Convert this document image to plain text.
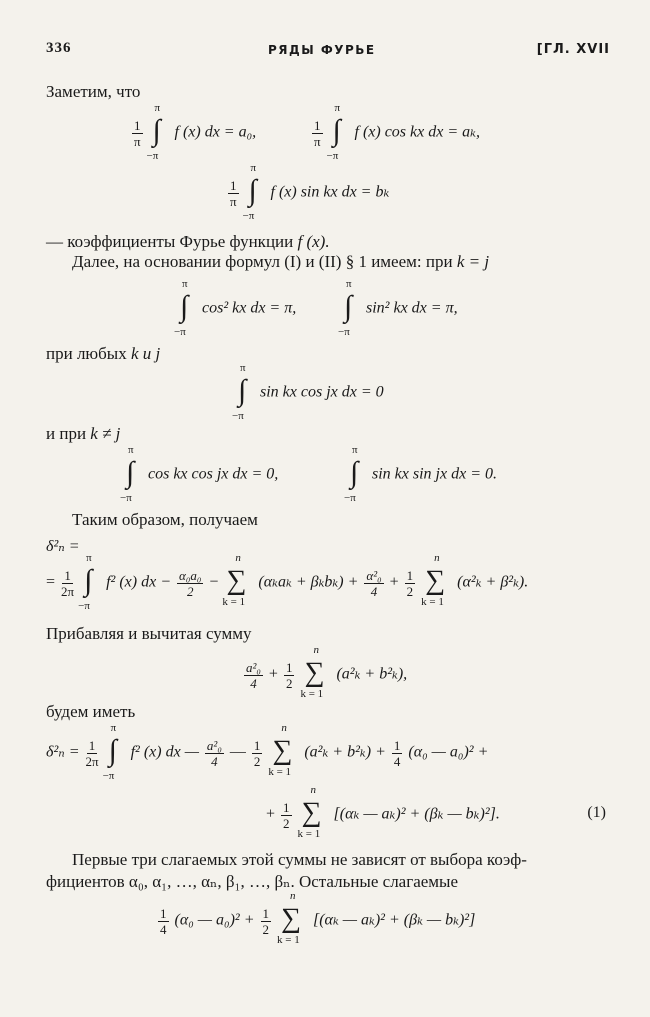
336	РЯДЫ ФУРЬЕ	[ГЛ. XVII
Заметим, что
$\frac{1}{\pi}$

π
∫
−π
f (x) dx = a₀,	$\frac{1}{\pi}$

π
∫
−π
f (x) cos kx dx = aₖ,
$\frac{1}{\pi}$

π
∫
−π
f (x) sin kx dx = bₖ
— коэффициенты Фурье функции f (x).
Далее, на основании формул (I) и (II) § 1 имеем: при k = j
π
∫
−π
cos² kx dx = π,
π
∫
−π
sin² kx dx = π,
при любых k и j
π
∫
−π
sin kx cos jx dx = 0
и при k ≠ j
π
∫
−π
cos kx cos jx dx = 0,
π
∫
−π
sin kx sin jx dx = 0.
Таким образом, получаем
δ²ₙ =
= $\frac{1}{2\pi}$

π
∫
−π
f² (x) dx − $\frac{\text{α₀a₀}}{2}$ −
n
∑
k = 1
$(\alpha_ka_k + \beta_kb_k) + \frac{\text{α²₀}}{4} + \frac{1}{2}$

n
∑
k = 1
(α²ₖ + β²ₖ).
Прибавляя и вычитая сумму
$\frac{\text{a²₀}}{4} + \frac{1}{2}$

n
∑
k = 1
(a²ₖ + b²ₖ),
будем иметь
$\delta^2_n = \frac{1}{2\pi}$

π
∫
−π
f² (x) dx — $\frac{\text{a²₀}}{4}$ — $\frac{1}{2}$

n
∑
k = 1
$(a^2_k + b^2_k) + \frac{1}{4} (\alpha_0$ — a₀)² +
+ $\frac{1}{2}$

n
∑
k = 1
[(αₖ — aₖ)² + (βₖ — bₖ)²].	(1)
Первые три слагаемых этой суммы не зависят от выбора коэф-
фициентов α₀, α₁, …, αₙ, β₁, …, βₙ. Остальные слагаемые
$\frac{1}{4} (\alpha_0$ — $a_0)^2 + \frac{1}{2}$

n
∑
k = 1
[(αₖ — aₖ)² + (βₖ — bₖ)²]
